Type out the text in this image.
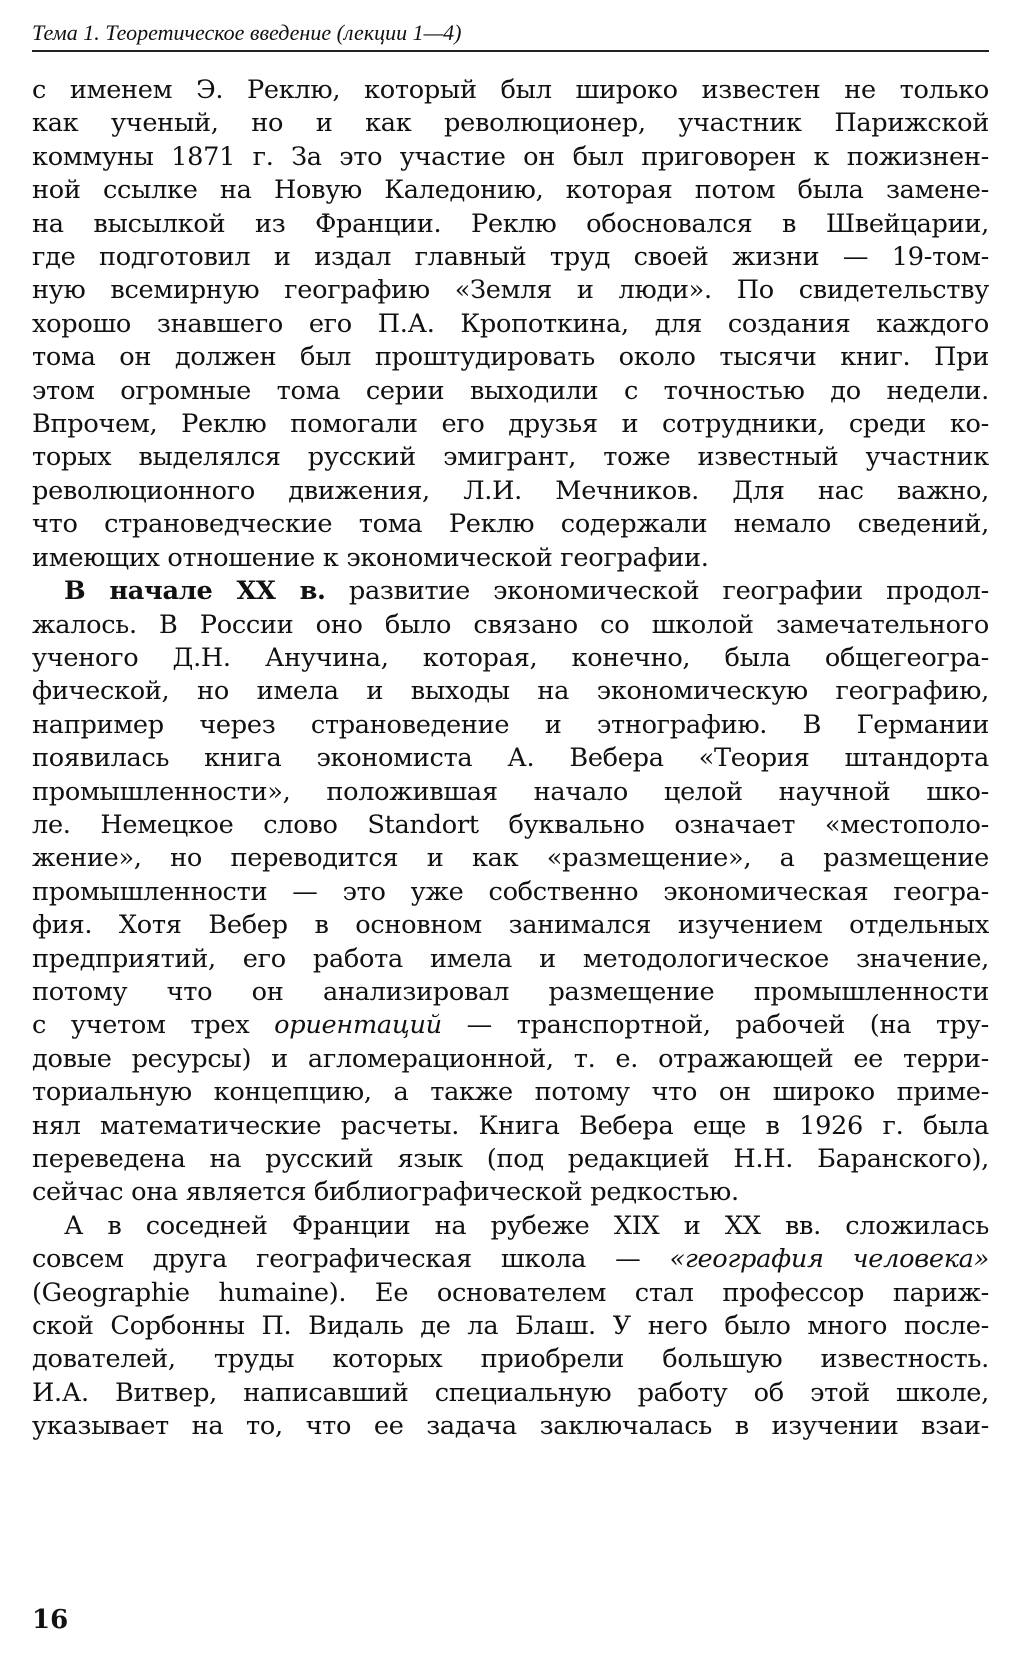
Тема 1. Теоретическое введение (лекции 1—4)

с именем Э. Реклю, который был широко известен не только
как ученый, но и как революционер, участник Парижской
коммуны 1871 г. За это участие он был приговорен к пожизнен-
ной ссылке на Новую Каледонию, которая потом была замене-
на высылкой из Франции. Реклю обосновался в Швейцарии,
где подготовил и издал главный труд своей жизни — 19-том-
ную всемирную географию «Земля и люди». По свидетельству
хорошо знавшего его П.А. Кропоткина, для создания каждого
тома он должен был проштудировать около тысячи книг. При
этом огромные тома серии выходили с точностью до недели.
Впрочем, Реклю помогали его друзья и сотрудники, среди ко-
торых выделялся русский эмигрант, тоже известный участник
революционного движения, Л.И. Мечников. Для нас важно,
что страноведческие тома Реклю содержали немало сведений,
имеющих отношение к экономической географии.

В начале XX в. развитие экономической географии продол-
жалось. В России оно было связано со школой замечательного
ученого Д.Н. Анучина, которая, конечно, была общегеогра-
фической, но имела и выходы на экономическую географию,
например через страноведение и этнографию. В Германии
появилась книга экономиста А. Вебера «Теория штандорта
промышленности», положившая начало целой научной шко-
ле. Немецкое слово Standort буквально означает «местополо-
жение», но переводится и как «размещение», а размещение
промышленности — это уже собственно экономическая геогра-
фия. Хотя Вебер в основном занимался изучением отдельных
предприятий, его работа имела и методологическое значение,
потому что он анализировал размещение промышленности
с учетом трех ориентаций — транспортной, рабочей (на тру-
довые ресурсы) и агломерационной, т. е. отражающей ее терри-
ториальную концепцию, а также потому что он широко приме-
нял математические расчеты. Книга Вебера еще в 1926 г. была
переведена на русский язык (под редакцией Н.Н. Баранского),
сейчас она является библиографической редкостью.

А в соседней Франции на рубеже XIX и XX вв. сложилась
совсем друга географическая школа — «география человека»
(Geographie humaine). Ее основателем стал профессор париж-
ской Сорбонны П. Видаль де ла Блаш. У него было много после-
дователей, труды которых приобрели большую известность.
И.А. Витвер, написавший специальную работу об этой школе,
указывает на то, что ее задача заключалась в изучении взаи-

16
